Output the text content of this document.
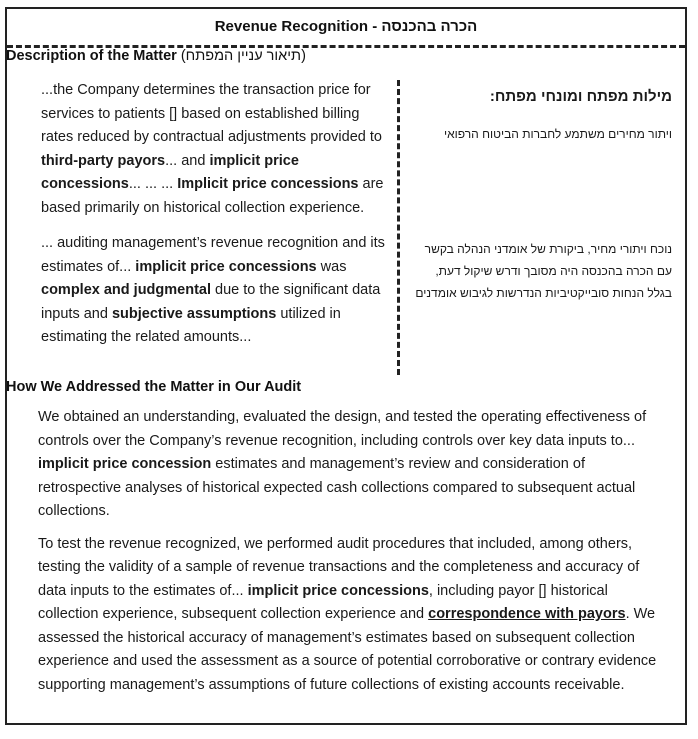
Revenue Recognition - הכרה בהכנסה
Description of the Matter (תיאור עניין המפתח)

...the Company determines the transaction price for services to patients [] based on established billing rates reduced by contractual adjustments provided to third-party payors... and implicit price concessions... ... ... Implicit price concessions are based primarily on historical collection experience.

... auditing management’s revenue recognition and its estimates of... implicit price concessions was complex and judgmental due to the significant data inputs and subjective assumptions utilized in estimating the related amounts...

מילות מפתח ומונחי מפתח:
ויתור מחירים משתמע לחברות הביטוח הרפואי
נוכח ויתורי מחיר, ביקורת של אומדני הנהלה בקשר עם הכרה בהכנסה היה מסובך ודרש שיקול דעת, בגלל הנחות סובייקטיביות הנדרשות לגיבוש אומדנים
How We Addressed the Matter in Our Audit

We obtained an understanding, evaluated the design, and tested the operating effectiveness of controls over the Company’s revenue recognition, including controls over key data inputs to... implicit price concession estimates and management’s review and consideration of retrospective analyses of historical expected cash collections compared to subsequent actual collections.

To test the revenue recognized, we performed audit procedures that included, among others, testing the validity of a sample of revenue transactions and the completeness and accuracy of data inputs to the estimates of... implicit price concessions, including payor [] historical collection experience, subsequent collection experience and correspondence with payors. We assessed the historical accuracy of management’s estimates based on subsequent collection experience and used the assessment as a source of potential corroborative or contrary evidence supporting management’s assumptions of future collections of existing accounts receivable.
